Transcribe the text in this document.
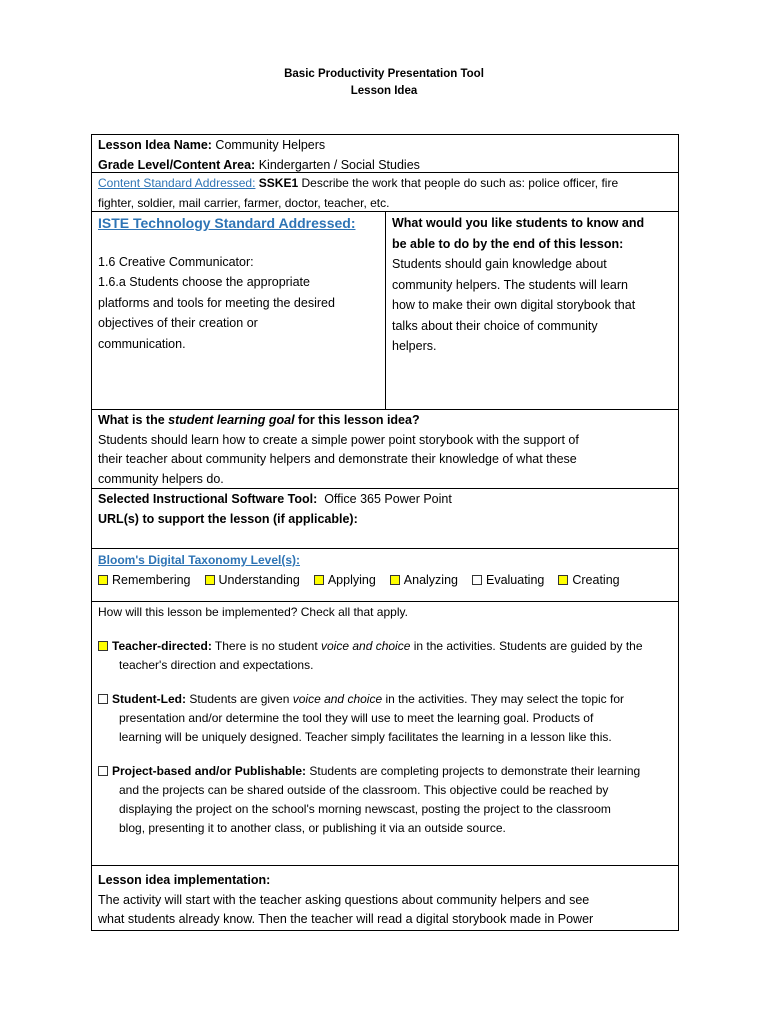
Basic Productivity Presentation Tool
Lesson Idea
Lesson Idea Name: Community Helpers
Grade Level/Content Area: Kindergarten / Social Studies
Content Standard Addressed: SSKE1 Describe the work that people do such as: police officer, fire
fighter, soldier, mail carrier, farmer, doctor, teacher, etc.
ISTE Technology Standard Addressed:
1.6 Creative Communicator:
1.6.a Students choose the appropriate
platforms and tools for meeting the desired
objectives of their creation or
communication.
What would you like students to know and
be able to do by the end of this lesson:
Students should gain knowledge about
community helpers. The students will learn
how to make their own digital storybook that
talks about their choice of community
helpers.
What is the student learning goal for this lesson idea?
Students should learn how to create a simple power point storybook with the support of
their teacher about community helpers and demonstrate their knowledge of what these
community helpers do.
Selected Instructional Software Tool: Office 365 Power Point
URL(s) to support the lesson (if applicable):
Bloom's Digital Taxonomy Level(s):
Remembering	Understanding	Applying	Analyzing	Evaluating	Creating
How will this lesson be implemented? Check all that apply.
Teacher-directed: There is no student voice and choice in the activities. Students are guided by the
teacher's direction and expectations.
Student-Led: Students are given voice and choice in the activities. They may select the topic for
presentation and/or determine the tool they will use to meet the learning goal. Products of
learning will be uniquely designed. Teacher simply facilitates the learning in a lesson like this.
Project-based and/or Publishable: Students are completing projects to demonstrate their learning
and the projects can be shared outside of the classroom. This objective could be reached by
displaying the project on the school's morning newscast, posting the project to the classroom
blog, presenting it to another class, or publishing it via an outside source.
Lesson idea implementation:
The activity will start with the teacher asking questions about community helpers and see
what students already know. Then the teacher will read a digital storybook made in Power
